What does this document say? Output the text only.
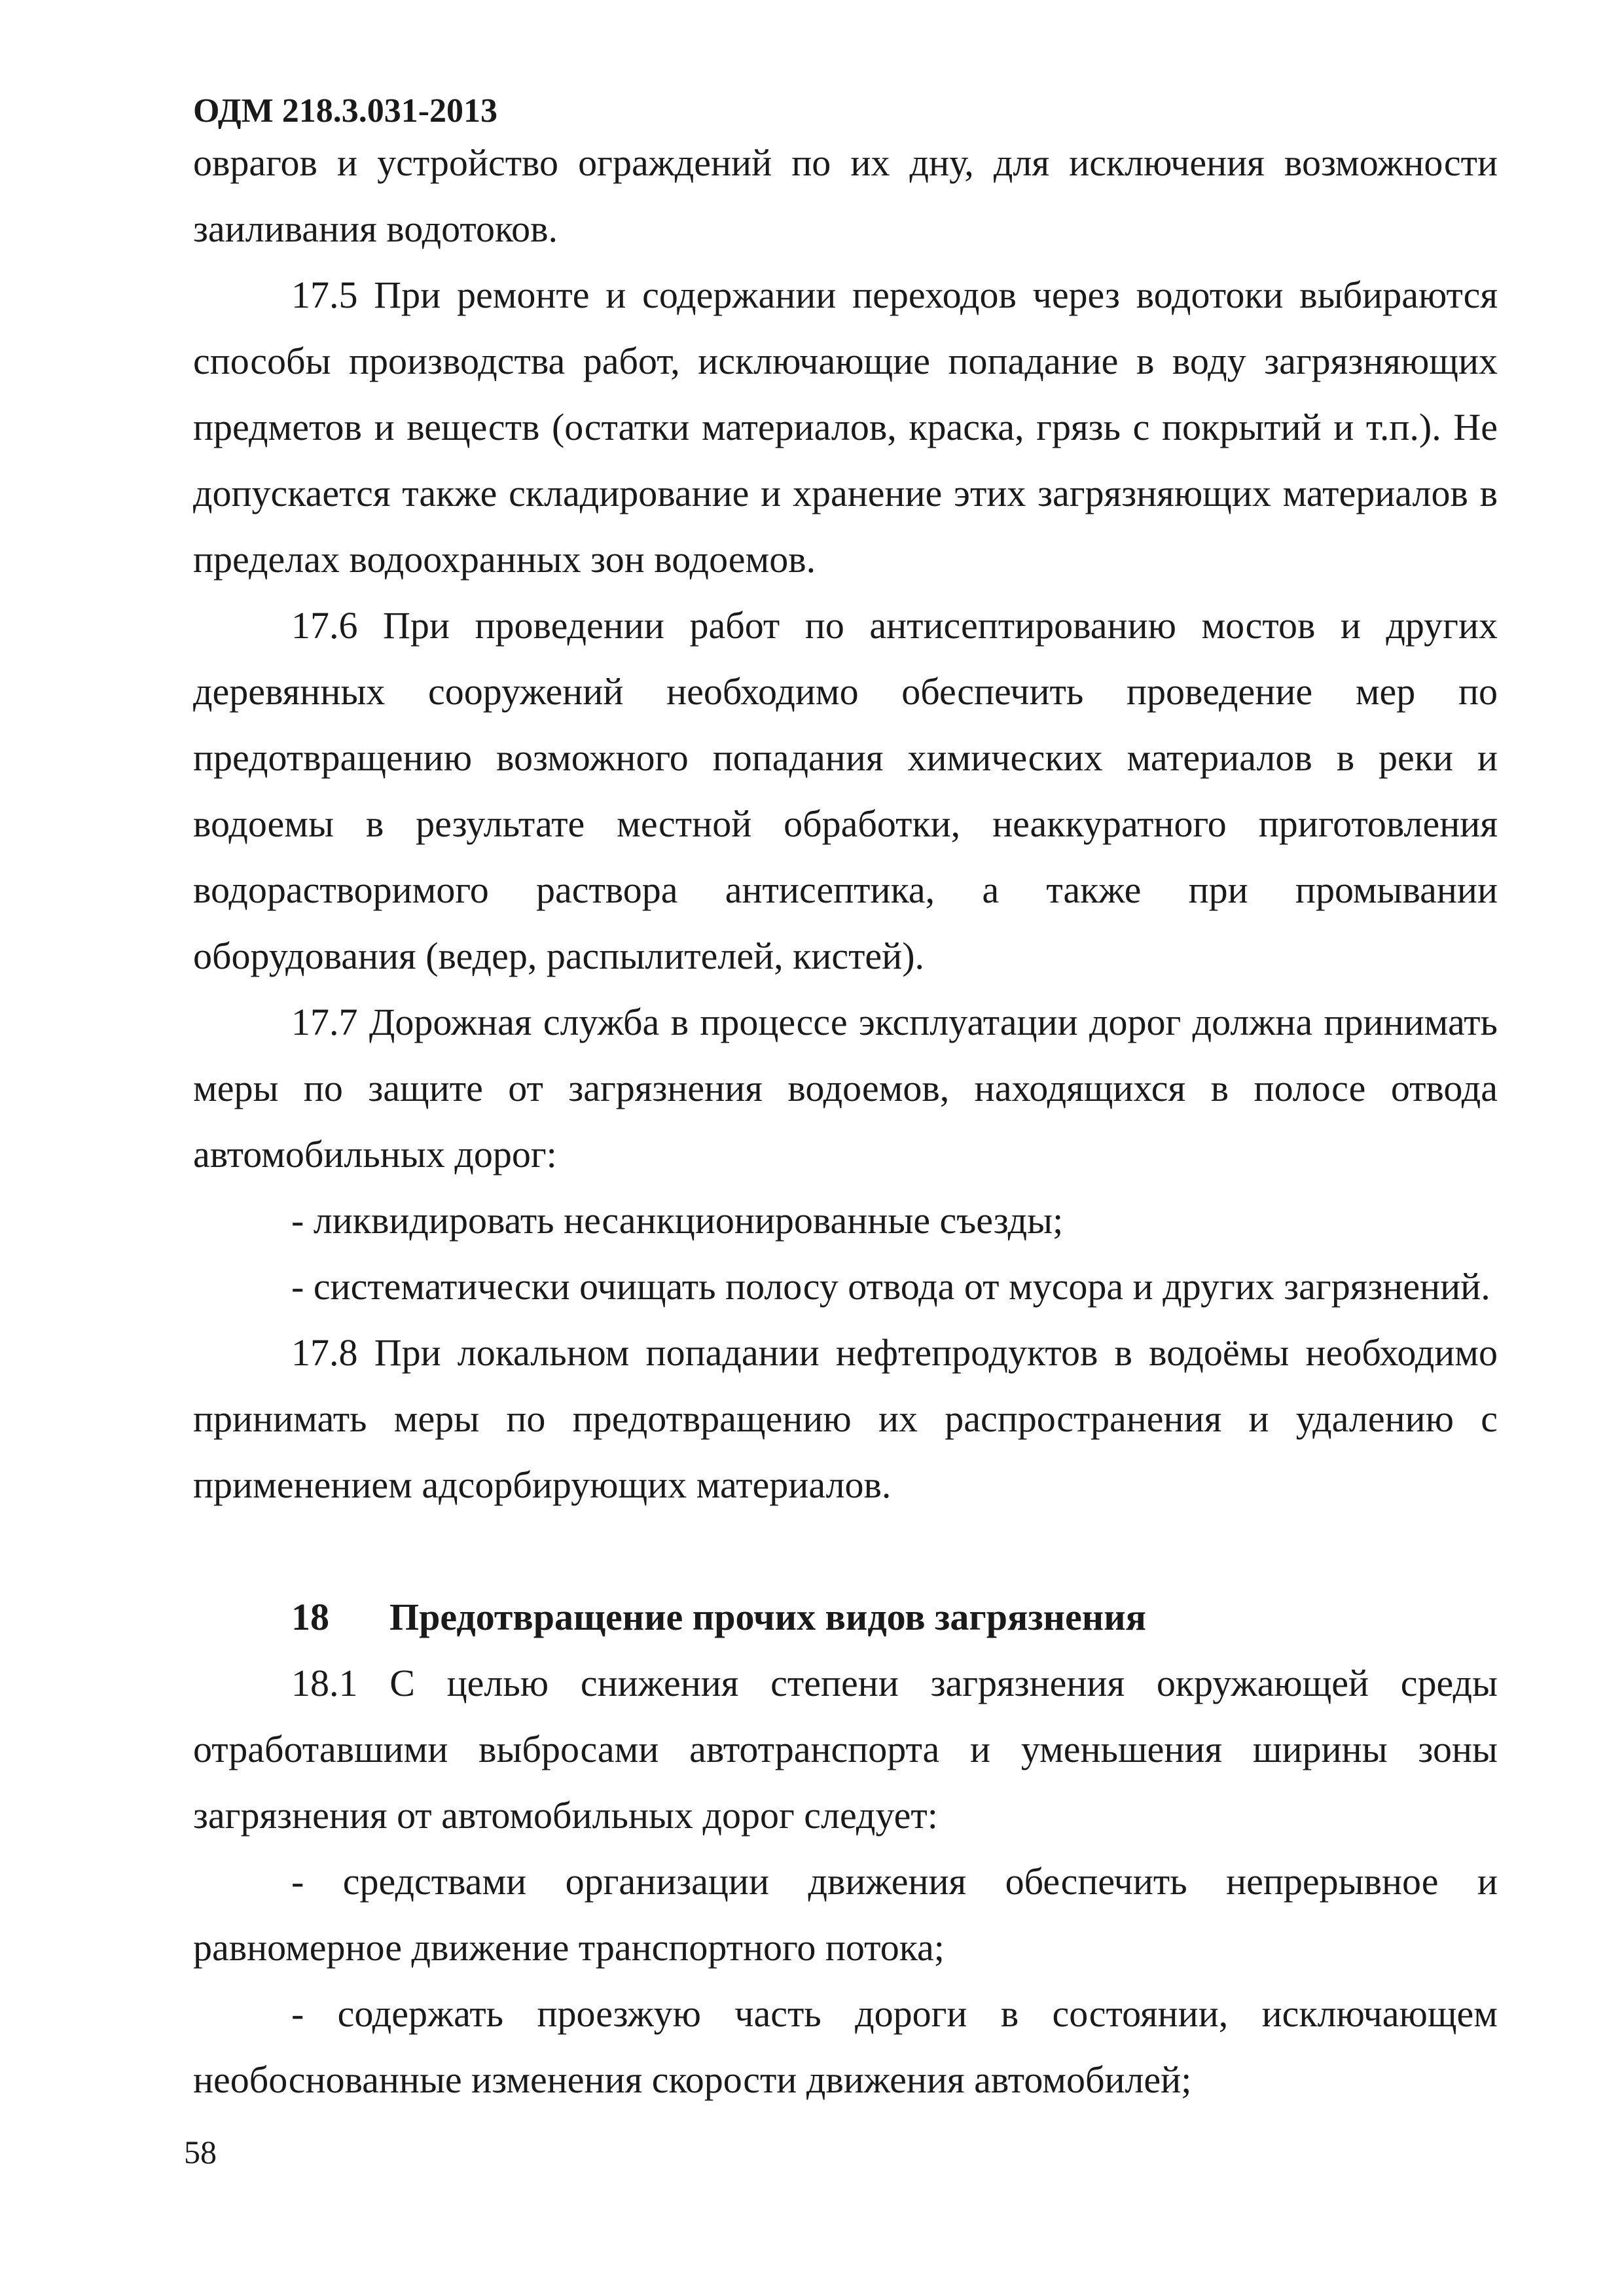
ОДМ 218.3.031-2013

оврагов и устройство ограждений по их дну, для исключения возможности заиливания водотоков.

17.5 При ремонте и содержании переходов через водотоки выбираются способы производства работ, исключающие попадание в воду загрязняющих предметов и веществ (остатки материалов, краска, грязь с покрытий и т.п.). Не допускается также складирование и хранение этих загрязняющих материалов в пределах водоохранных зон водоемов.

17.6 При проведении работ по антисептированию мостов и других деревянных сооружений необходимо обеспечить проведение мер по предотвращению возможного попадания химических материалов в реки и водоемы в результате местной обработки, неаккуратного приготовления водорастворимого раствора антисептика, а также при промывании оборудования (ведер, распылителей, кистей).

17.7 Дорожная служба в процессе эксплуатации дорог должна принимать меры по защите от загрязнения водоемов, находящихся в полосе отвода автомобильных дорог:

- ликвидировать несанкционированные съезды;

- систематически очищать полосу отвода от мусора и других загрязнений.

17.8 При локальном попадании нефтепродуктов в водоёмы необходимо принимать меры по предотвращению их распространения и удалению с применением адсорбирующих материалов.

18 Предотвращение прочих видов загрязнения

18.1 С целью снижения степени загрязнения окружающей среды отработавшими выбросами автотранспорта и уменьшения ширины зоны загрязнения от автомобильных дорог следует:

- средствами организации движения обеспечить непрерывное и равномерное движение транспортного потока;

- содержать проезжую часть дороги в состоянии, исключающем необоснованные изменения скорости движения автомобилей;

58
